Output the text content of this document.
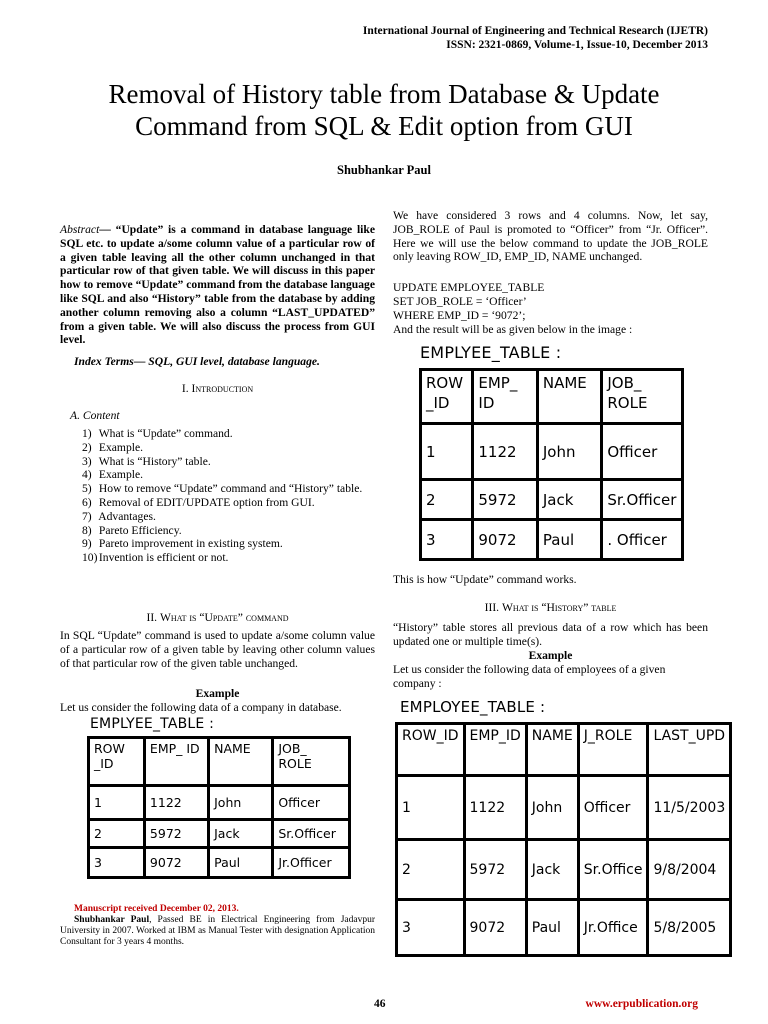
International Journal of Engineering and Technical Research (IJETR)
ISSN: 2321-0869, Volume-1, Issue-10, December 2013
Removal of History table from Database & Update
Command from SQL & Edit option from GUI
Shubhankar Paul
Abstract— “Update” is a command in database language like SQL etc. to update a/some column value of a particular row of a given table leaving all the other column unchanged in that particular row of that given table. We will discuss in this paper how to remove “Update” command from the database language like SQL and also “History” table from the database by adding another column removing also a column “LAST_UPDATED” from a given table. We will also discuss the process from GUI level.
Index Terms— SQL, GUI level, database language.
I. Introduction
A. Content
1) What is “Update” command.
2) Example.
3) What is “History” table.
4) Example.
5) How to remove “Update” command and “History” table.
6) Removal of EDIT/UPDATE option from GUI.
7) Advantages.
8) Pareto Efficiency.
9) Pareto improvement in existing system.
10) Invention is efficient or not.
II. What is “Update” command
In SQL “Update” command is used to update a/some column value of a particular row of a given table by leaving other column values of that particular row of the given table unchanged.
Example
Let us consider the following data of a company in database.
EMPLYEE_TABLE :
ROW _ID	EMP_ ID	NAME	JOB_ ROLE
1	1122	John	Officer
2	5972	Jack	Sr.Officer
3	9072	Paul	Jr.Officer
Manuscript received December 02, 2013.
Shubhankar Paul, Passed BE in Electrical Engineering from Jadavpur University in 2007. Worked at IBM as Manual Tester with designation Application Consultant for 3 years 4 months.
We have considered 3 rows and 4 columns. Now, let say, JOB_ROLE of Paul is promoted to “Officer” from “Jr. Officer”. Here we will use the below command to update the JOB_ROLE only leaving ROW_ID, EMP_ID, NAME unchanged.
UPDATE EMPLOYEE_TABLE
SET JOB_ROLE = ‘Officer’
WHERE EMP_ID = ‘9072’;
And the result will be as given below in the image :
EMPLYEE_TABLE :
ROW _ID	EMP_ ID	NAME	JOB_ ROLE
1	1122	John	Officer
2	5972	Jack	Sr.Officer
3	9072	Paul	. Officer
This is how “Update” command works.
III. What is “History” table
“History” table stores all previous data of a row which has been updated one or multiple time(s).
Example
Let us consider the following data of employees of a given company :
EMPLOYEE_TABLE :
ROW_ID	EMP_ID	NAME	J_ROLE	LAST_UPD
1	1122	John	Officer	11/5/2003
2	5972	Jack	Sr.Office	9/8/2004
3	9072	Paul	Jr.Office	5/8/2005
46	www.erpublication.org
